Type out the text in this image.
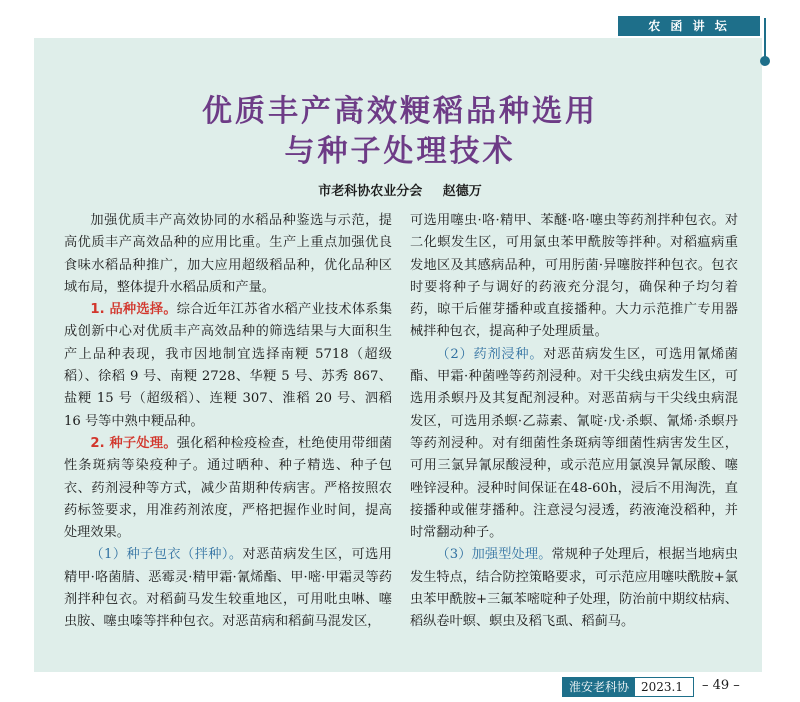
农 函 讲 坛
优质丰产高效粳稻品种选用
与种子处理技术
市老科协农业分会 赵德万

加强优质丰产高效协同的水稻品种鉴选与示范，提高优质丰产高效品种的应用比重。生产上重点加强优良食味水稻品种推广，加大应用超级稻品种，优化品种区域布局，整体提升水稻品质和产量。

1. 品种选择。综合近年江苏省水稻产业技术体系集成创新中心对优质丰产高效品种的筛选结果与大面积生产上品种表现，我市因地制宜选择南粳 5718（超级稻）、徐稻 9 号、南粳 2728、华粳 5 号、苏秀 867、盐粳 15 号（超级稻）、连粳 307、淮稻 20 号、泗稻 16 号等中熟中粳品种。

2. 种子处理。强化稻种检疫检查，杜绝使用带细菌性条斑病等染疫种子。通过晒种、种子精选、种子包衣、药剂浸种等方式，减少苗期种传病害。严格按照农药标签要求，用准药剂浓度，严格把握作业时间，提高处理效果。

（1）种子包衣（拌种）。对恶苗病发生区，可选用精甲·咯菌腈、恶霉灵·精甲霜·氰烯酯、甲·嘧·甲霜灵等药剂拌种包衣。对稻蓟马发生较重地区，可用吡虫啉、噻虫胺、噻虫嗪等拌种包衣。对恶苗病和稻蓟马混发区，

可选用噻虫·咯·精甲、苯醚·咯·噻虫等药剂拌种包衣。对二化螟发生区，可用氯虫苯甲酰胺等拌种。对稻瘟病重发地区及其感病品种，可用肟菌·异噻胺拌种包衣。包衣时要将种子与调好的药液充分混匀，确保种子均匀着药，晾干后催芽播种或直接播种。大力示范推广专用器械拌种包衣，提高种子处理质量。

（2）药剂浸种。对恶苗病发生区，可选用氰烯菌酯、甲霜·种菌唑等药剂浸种。对干尖线虫病发生区，可选用杀螟丹及其复配剂浸种。对恶苗病与干尖线虫病混发区，可选用杀螟·乙蒜素、氰啶·戊·杀螟、氰烯·杀螟丹等药剂浸种。对有细菌性条斑病等细菌性病害发生区，可用三氯异氰尿酸浸种，或示范应用氯溴异氰尿酸、噻唑锌浸种。浸种时间保证在48-60h，浸后不用淘洗，直接播种或催芽播种。注意浸匀浸透，药液淹没稻种，并时常翻动种子。

（3）加强型处理。常规种子处理后，根据当地病虫发生特点，结合防控策略要求，可示范应用噻呋酰胺+氯虫苯甲酰胺+三氟苯嘧啶种子处理，防治前中期纹枯病、稻纵卷叶螟、螟虫及稻飞虱、稻蓟马。

淮安老科协 2023.1	– 49 –
